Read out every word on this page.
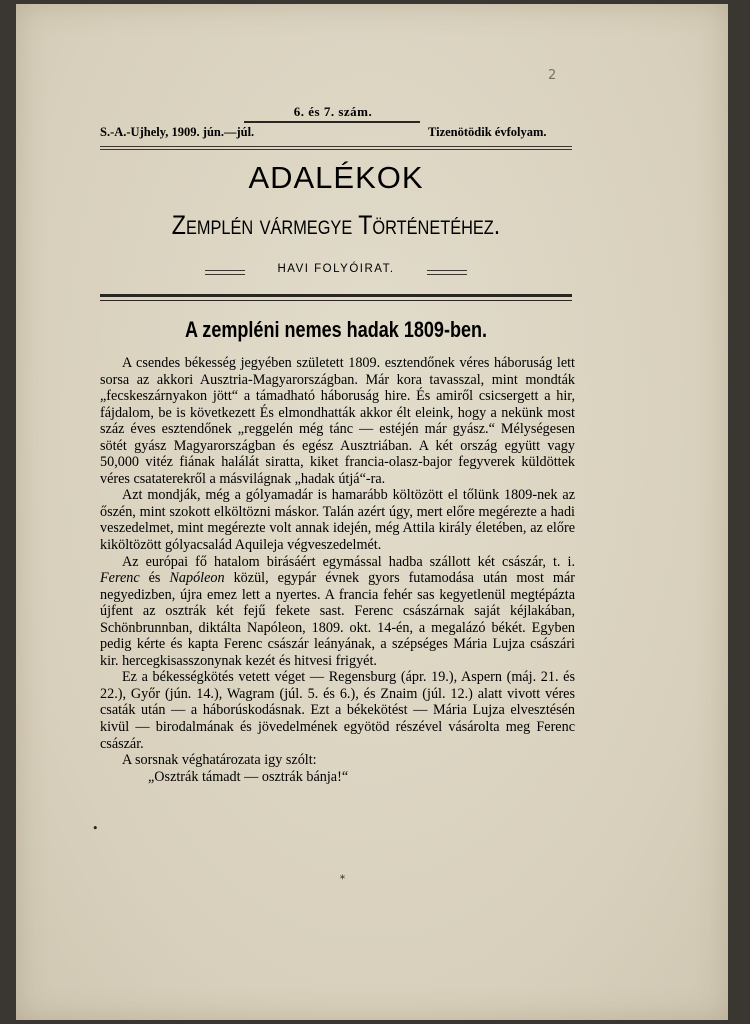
2
6. és 7. szám.
S.-A.-Ujhely, 1909. jún.—júl.	Tizenötödik évfolyam.
ADALÉKOK
Zemplén vármegye Történetéhez.
HAVI FOLYÓIRAT.
A zempléni nemes hadak 1809-ben.

A csendes békesség jegyében született 1809. esztendőnek véres háboruság lett sorsa az akkori Ausztria-Magyarországban. Már kora tavasszal, mint mondták „fecskeszárnyakon jött“ a támadható háboruság hire. És amiről csicsergett a hir, fájdalom, be is következett És elmondhatták akkor élt eleink, hogy a nekünk most száz éves esztendőnek „reggelén még tánc — estéjén már gyász.“ Mélységesen sötét gyász Magyarországban és egész Ausztriában. A két ország együtt vagy 50,000 vitéz fiának halálát siratta, kiket francia-olasz-bajor fegyverek küldöttek véres csataterekről a másvilágnak „hadak útjá“-ra.

Azt mondják, még a gólyamadár is hamarább költözött el tőlünk 1809-nek az őszén, mint szokott elköltözni máskor. Talán azért úgy, mert előre megérezte a hadi veszedelmet, mint megérezte volt annak idején, még Attila király életében, az előre kiköltözött gólyacsalád Aquileja végveszedelmét.

Az európai fő hatalom birásáért egymással hadba szállott két császár, t. i. Ferenc és Napóleon közül, egypár évnek gyors futamodása után most már negyedizben, újra emez lett a nyertes. A francia fehér sas kegyetlenül megtépázta újfent az osztrák két fejű fekete sast. Ferenc császárnak saját kéjlakában, Schönbrunnban, diktálta Napóleon, 1809. okt. 14-én, a megalázó békét. Egyben pedig kérte és kapta Ferenc császár leányának, a szépséges Mária Lujza császári kir. hercegkisasszonynak kezét és hitvesi frigyét.

Ez a békességkötés vetett véget — Regensburg (ápr. 19.), Aspern (máj. 21. és 22.), Győr (jún. 14.), Wagram (júl. 5. és 6.), és Znaim (júl. 12.) alatt vivott véres csaták után — a háborúskodásnak. Ezt a békekötést — Mária Lujza elvesztésén kivül — birodalmának és jövedelmének egyötöd részével vásárolta meg Ferenc császár.

A sorsnak véghatározata igy szólt:

„Osztrák támadt — osztrák bánja!“

•
*
